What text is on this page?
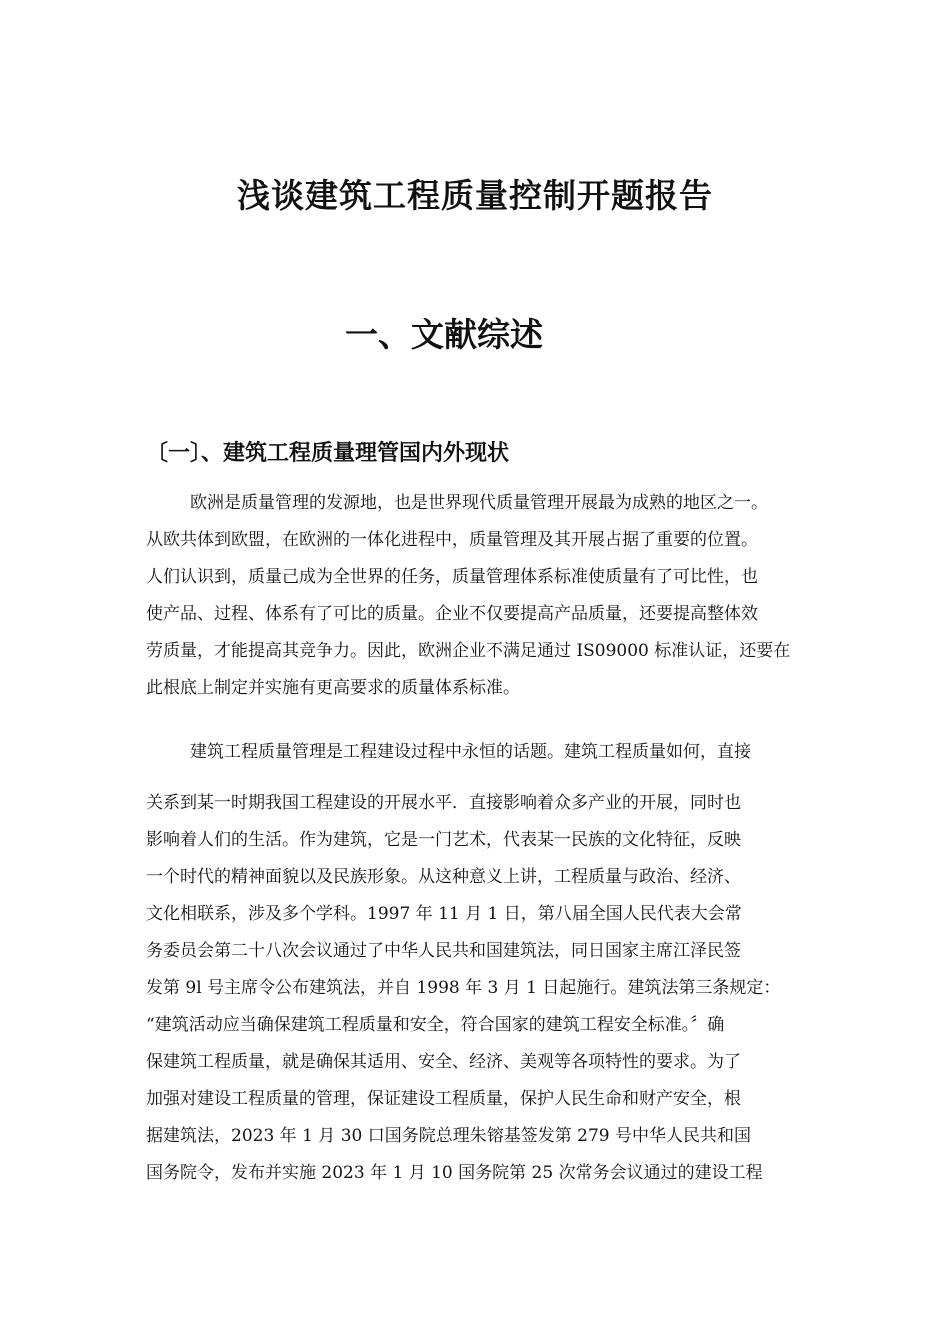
浅谈建筑工程质量控制开题报告
一、文献综述
〔一〕、建筑工程质量理管国内外现状

欧洲是质量管理的发源地，也是世界现代质量管理开展最为成熟的地区之一。
从欧共体到欧盟，在欧洲的一体化进程中，质量管理及其开展占据了重要的位置。
人们认识到，质量己成为全世界的任务，质量管理体系标准使质量有了可比性，也
使产品、过程、体系有了可比的质量。企业不仅要提高产品质量，还要提高整体效
劳质量，才能提高其竞争力。因此，欧洲企业不满足通过 IS09000 标准认证，还要在
此根底上制定并实施有更高要求的质量体系标准。

建筑工程质量管理是工程建设过程中永恒的话题。建筑工程质量如何，直接
关系到某一时期我国工程建设的开展水平．直接影响着众多产业的开展，同时也
影响着人们的生活。作为建筑，它是一门艺术，代表某一民族的文化特征，反映
一个时代的精神面貌以及民族形象。从这种意义上讲，工程质量与政治、经济、
文化相联系，涉及多个学科。1997 年 11 月 1 日，第八届全国人民代表大会常
务委员会第二十八次会议通过了中华人民共和国建筑法，同日国家主席江泽民签
发第 9l 号主席令公布建筑法，并自 1998 年 3 月 1 日起施行。建筑法第三条规定：
“建筑活动应当确保建筑工程质量和安全，符合国家的建筑工程安全标准。〞确
保建筑工程质量，就是确保其适用、安全、经济、美观等各项特性的要求。为了
加强对建设工程质量的管理，保证建设工程质量，保护人民生命和财产安全，根
据建筑法，2023 年 1 月 30 口国务院总理朱镕基签发第 279 号中华人民共和国
国务院令，发布并实施 2023 年 1 月 10 国务院第 25 次常务会议通过的建设工程
